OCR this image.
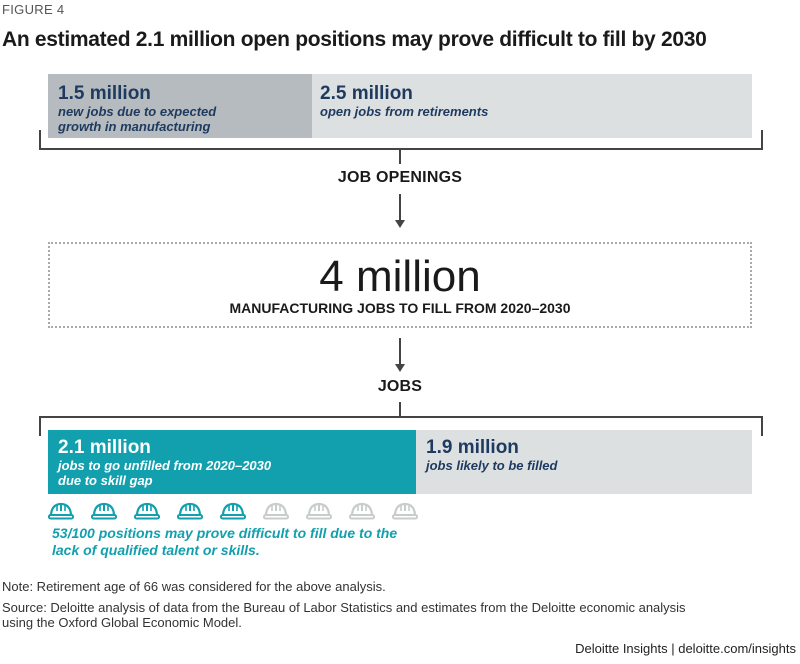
FIGURE 4
An estimated 2.1 million open positions may prove difficult to fill by 2030
1.5 million
new jobs due to expected
growth in manufacturing
2.5 million
open jobs from retirements
JOB OPENINGS
4 million
MANUFACTURING JOBS TO FILL FROM 2020–2030
JOBS
2.1 million
jobs to go unfilled from 2020–2030
due to skill gap
1.9 million
jobs likely to be filled
53/100 positions may prove difficult to fill due to the
lack of qualified talent or skills.
Note: Retirement age of 66 was considered for the above analysis.
Source: Deloitte analysis of data from the Bureau of Labor Statistics and estimates from the Deloitte economic analysis
using the Oxford Global Economic Model.
Deloitte Insights | deloitte.com/insights
